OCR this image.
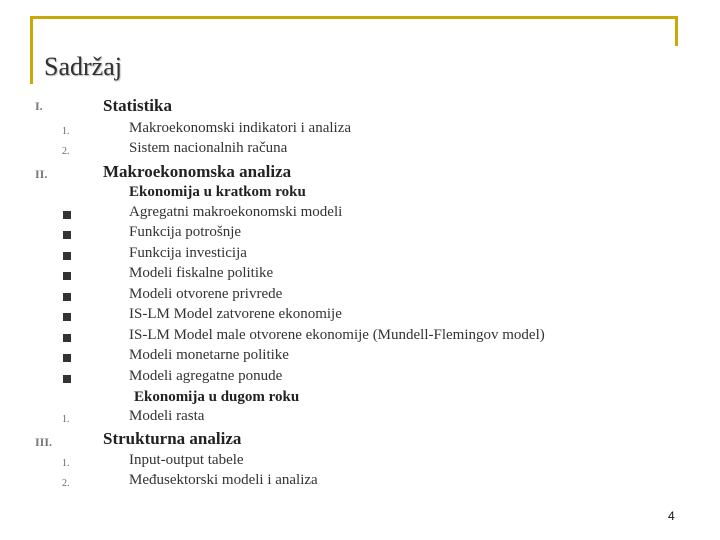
Sadržaj
I.	Statistika
1.	Makroekonomski indikatori i analiza
2.	Sistem nacionalnih računa
II.	Makroekonomska analiza
Ekonomija u kratkom roku
Agregatni makroekonomski modeli
Funkcija potrošnje
Funkcija investicija
Modeli fiskalne politike
Modeli otvorene privrede
IS-LM Model zatvorene ekonomije
IS-LM Model male otvorene ekonomije (Mundell-Flemingov model)
Modeli monetarne politike
Modeli agregatne ponude
Ekonomija u dugom roku
1.	Modeli rasta
III.	Strukturna analiza
1.	Input-output tabele
2.	Međusektorski modeli i analiza
4
